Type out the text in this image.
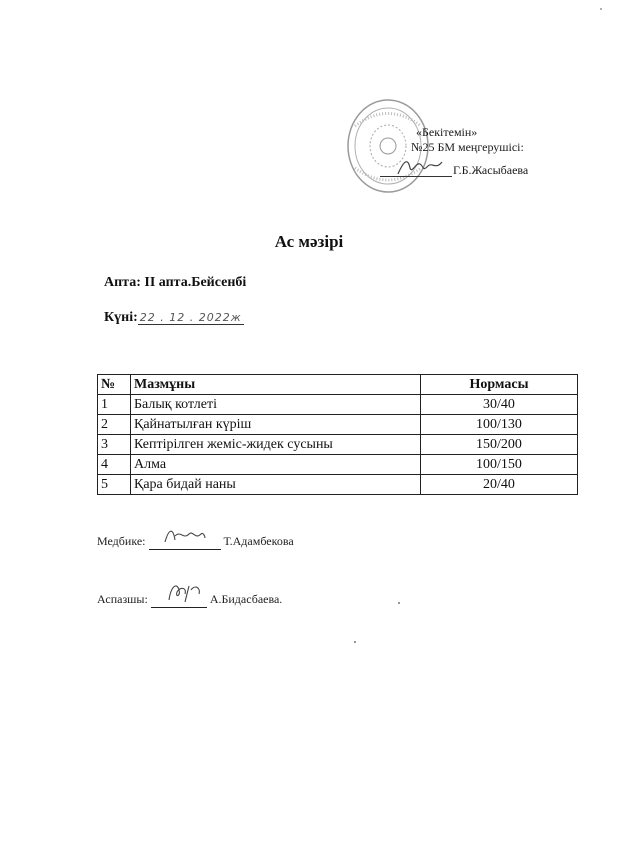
«Бекітемін»
№25 БМ меңгерушісі:
Г.Б.Жасыбаева
Ас мәзірі
Апта: II апта.Бейсенбі
Күні: 22 . 12 . 2022ж
№	Мазмұны	Нормасы
1	Балық котлеті	30/40
2	Қайнатылған күріш	100/130
3	Кептірілген жеміс-жидек сусыны	150/200
4	Алма	100/150
5	Қара бидай наны	20/40
Медбике:	Т.Адамбекова
Аспазшы:	А.Бидасбаева.
